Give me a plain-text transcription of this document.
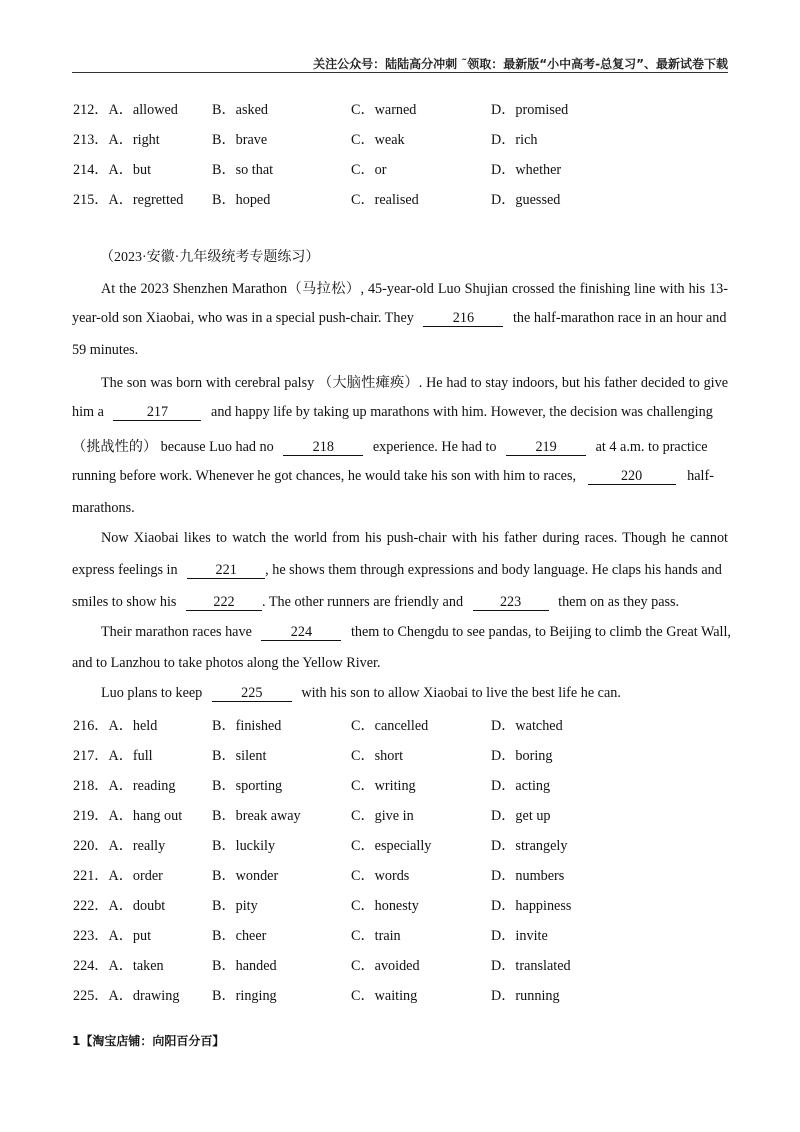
关注公众号：陆陆高分冲刺 ˜领取：最新版“小中高考-总复习”、最新试卷下载
212．A．allowed B．asked	C．warned	D．promised
213．A．right	B．brave	C．weak	D．rich
214．A．but	B．so that	C．or	D．whether
215．A．regretted B．hoped	C．realised	D．guessed
（2023·安徽·九年级统考专题练习）
At the 2023 Shenzhen Marathon（马拉松）, 45-year-old Luo Shujian crossed the finishing line with his 13-
year-old son Xiaobai, who was in a special push-chair. They	216	the half-marathon race in an hour and
59 minutes.
The son was born with cerebral palsy （大脑性瘫痪）. He had to stay indoors, but his father decided to give
him a	217	and happy life by taking up marathons with him. However, the decision was challenging
（挑战性的） because Luo had no	218	experience. He had to	219	at 4 a.m. to practice
running before work. Whenever he got chances, he would take his son with him to races,	220	half-
marathons.
Now Xiaobai likes to watch the world from his push-chair with his father during races. Though he cannot
express feelings in	221 , he shows them through expressions and body language. He claps his hands and
smiles to show his	222 . The other runners are friendly and	223	them on as they pass.
Their marathon races have	224	them to Chengdu to see pandas, to Beijing to climb the Great Wall,
and to Lanzhou to take photos along the Yellow River.
Luo plans to keep	225	with his son to allow Xiaobai to live the best life he can.
216．A．held	B．finished	C．cancelled	D．watched
217．A．full	B．silent	C．short	D．boring
218．A．reading	B．sporting	C．writing	D．acting
219．A．hang out B．break away	C．give in	D．get up
220．A．really	B．luckily	C．especially	D．strangely
221．A．order	B．wonder	C．words	D．numbers
222．A．doubt	B．pity	C．honesty	D．happiness
223．A．put	B．cheer	C．train	D．invite
224．A．taken	B．handed	C．avoided	D．translated
225．A．drawing B．ringing	C．waiting	D．running
1【淘宝店铺：向阳百分百】
